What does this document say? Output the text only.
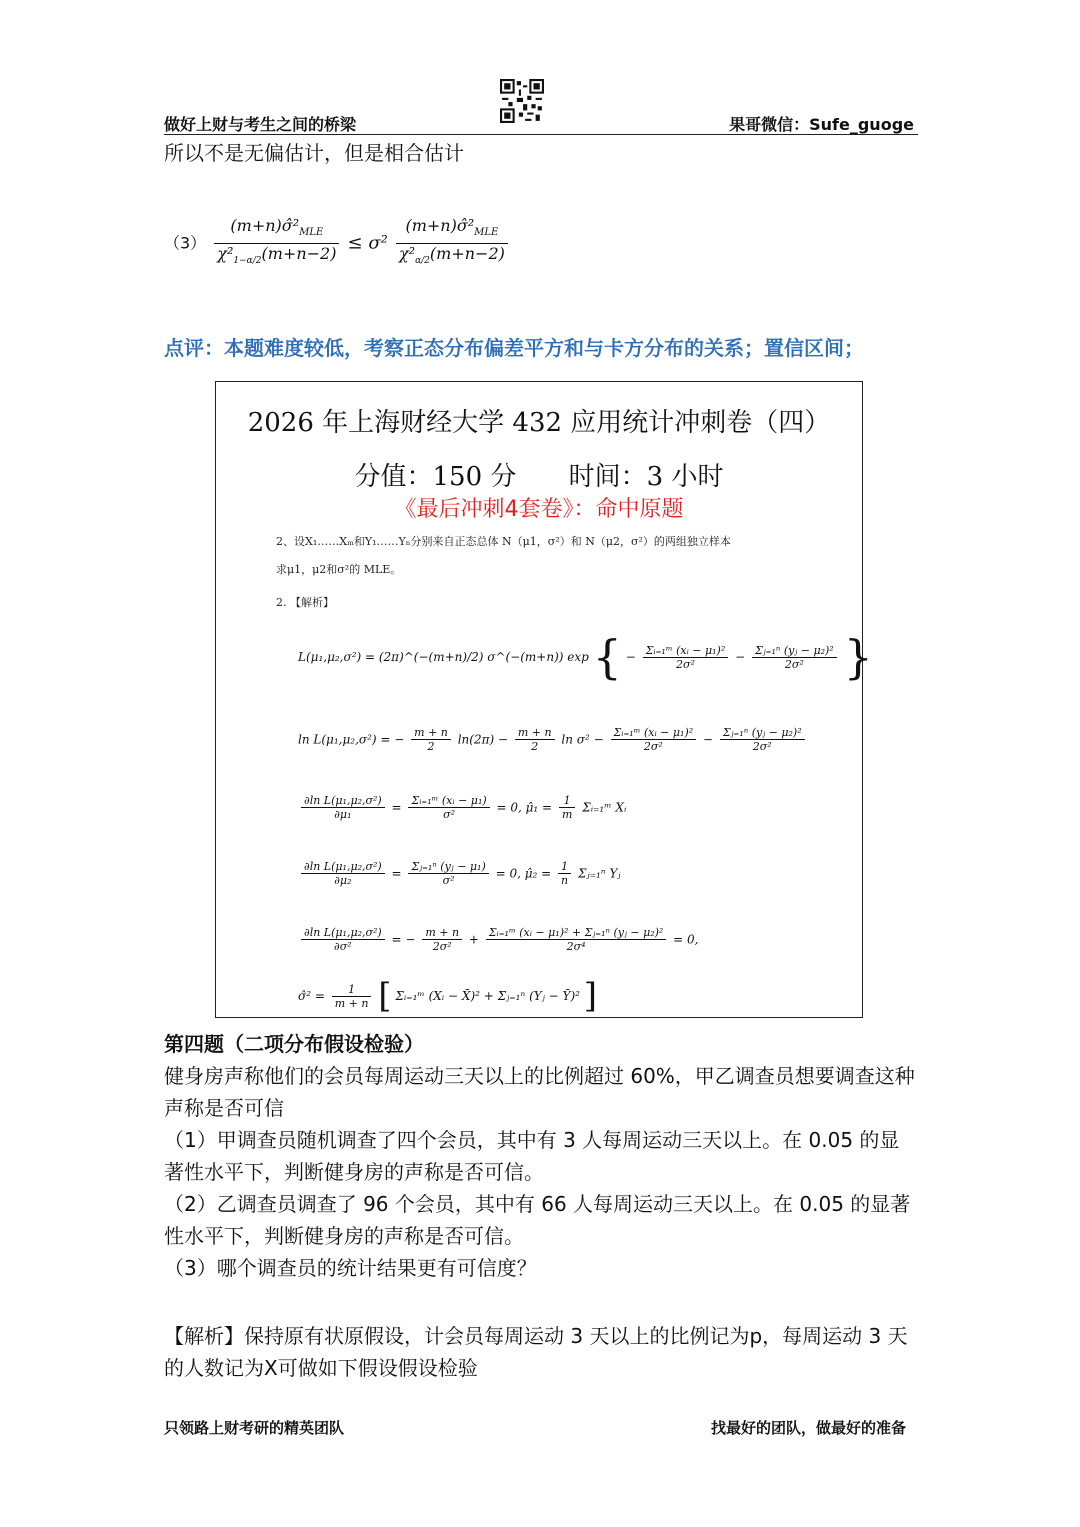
做好上财与考生之间的桥梁	果哥微信：Sufe_guoge
所以不是无偏估计，但是相合估计
$(3) \frac{(m+n)\sigmâ^2_{MLE}}{\chi^2_{1-\alpha/2}(m+n-2)} \le \sigma^2 \frac{(m+n)\sigmâ^2_{MLE}}{\chi^2_{\alpha/2}(m+n-2)}$
点评：本题难度较低，考察正态分布偏差平方和与卡方分布的关系；置信区间；
2026 年上海财经大学 432 应用统计冲刺卷（四）
分值：150 分 时间：3 小时
《最后冲刺4套卷》：命中原题
2、设X₁……Xₘ和Y₁……Yₙ分别来自正态总体 N（μ1，σ²）和 N（μ2，σ²）的两组独立样本
求μ1，μ2和σ²的 MLE。
2. 【解析】
L(μ₁,μ₂,σ²) = (2π)^(−(m+n)/2) σ^(−(m+n)) exp { − $\frac{\text{Σᵢ₌₁ᵐ (xᵢ − μ₁)²}}{\text{2σ²}} - \frac{\text{Σⱼ₌₁ⁿ (yⱼ − μ₂)²}}{\text{2σ²}}$ }
ln L(μ₁,μ₂,σ²) = − $\frac{m + n}{2} \ln(2\pi) - \frac{m + n}{2}$ $\ln \sigma^2 - \frac{\text{Σᵢ₌₁ᵐ (xᵢ − μ₁)²}}{\text{2σ²}} - \frac{\text{Σⱼ₌₁ⁿ (yⱼ − μ₂)²}}{\text{2σ²}}$
$\frac{\text{∂ln L(μ₁,μ₂,σ²)}}{\text{∂μ₁}} = \frac{\text{Σᵢ₌₁ᵐ (xᵢ − μ₁)}}{\text{σ²}} = 0$, μ̂₁ = $\frac{1}{m}$ Σᵢ₌₁ᵐ Xᵢ
$\frac{\text{∂ln L(μ₁,μ₂,σ²)}}{\text{∂μ₂}} = \frac{\text{Σⱼ₌₁ⁿ (yⱼ − μ₁)}}{\text{σ²}} = 0$, μ̂₂ = $\frac{1}{n}$ Σⱼ₌₁ⁿ Yⱼ
$\frac{\text{∂ln L(μ₁,μ₂,σ²)}}{\text{∂σ²}}$ = − $\frac{m + n}{\text{2σ²}} + \frac{\text{Σᵢ₌₁ᵐ (xᵢ − μ₁)² + Σⱼ₌₁ⁿ (yⱼ − μ₂)²}}{\text{2σ⁴}} = 0$,
σ̂² = $\frac{1}{m + n}$ [ Σᵢ₌₁ᵐ (Xᵢ − X̄)² + Σⱼ₌₁ⁿ (Yⱼ − Ȳ)² ]
第四题（二项分布假设检验）
健身房声称他们的会员每周运动三天以上的比例超过 60%，甲乙调查员想要调查这种声称是否可信
（1）甲调查员随机调查了四个会员，其中有 3 人每周运动三天以上。在 0.05 的显著性水平下，判断健身房的声称是否可信。
（2）乙调查员调查了 96 个会员，其中有 66 人每周运动三天以上。在 0.05 的显著性水平下，判断健身房的声称是否可信。
（3）哪个调查员的统计结果更有可信度？
【解析】保持原有状原假设，计会员每周运动 3 天以上的比例记为p，每周运动 3 天的人数记为X可做如下假设假设检验
只领路上财考研的精英团队	找最好的团队，做最好的准备
